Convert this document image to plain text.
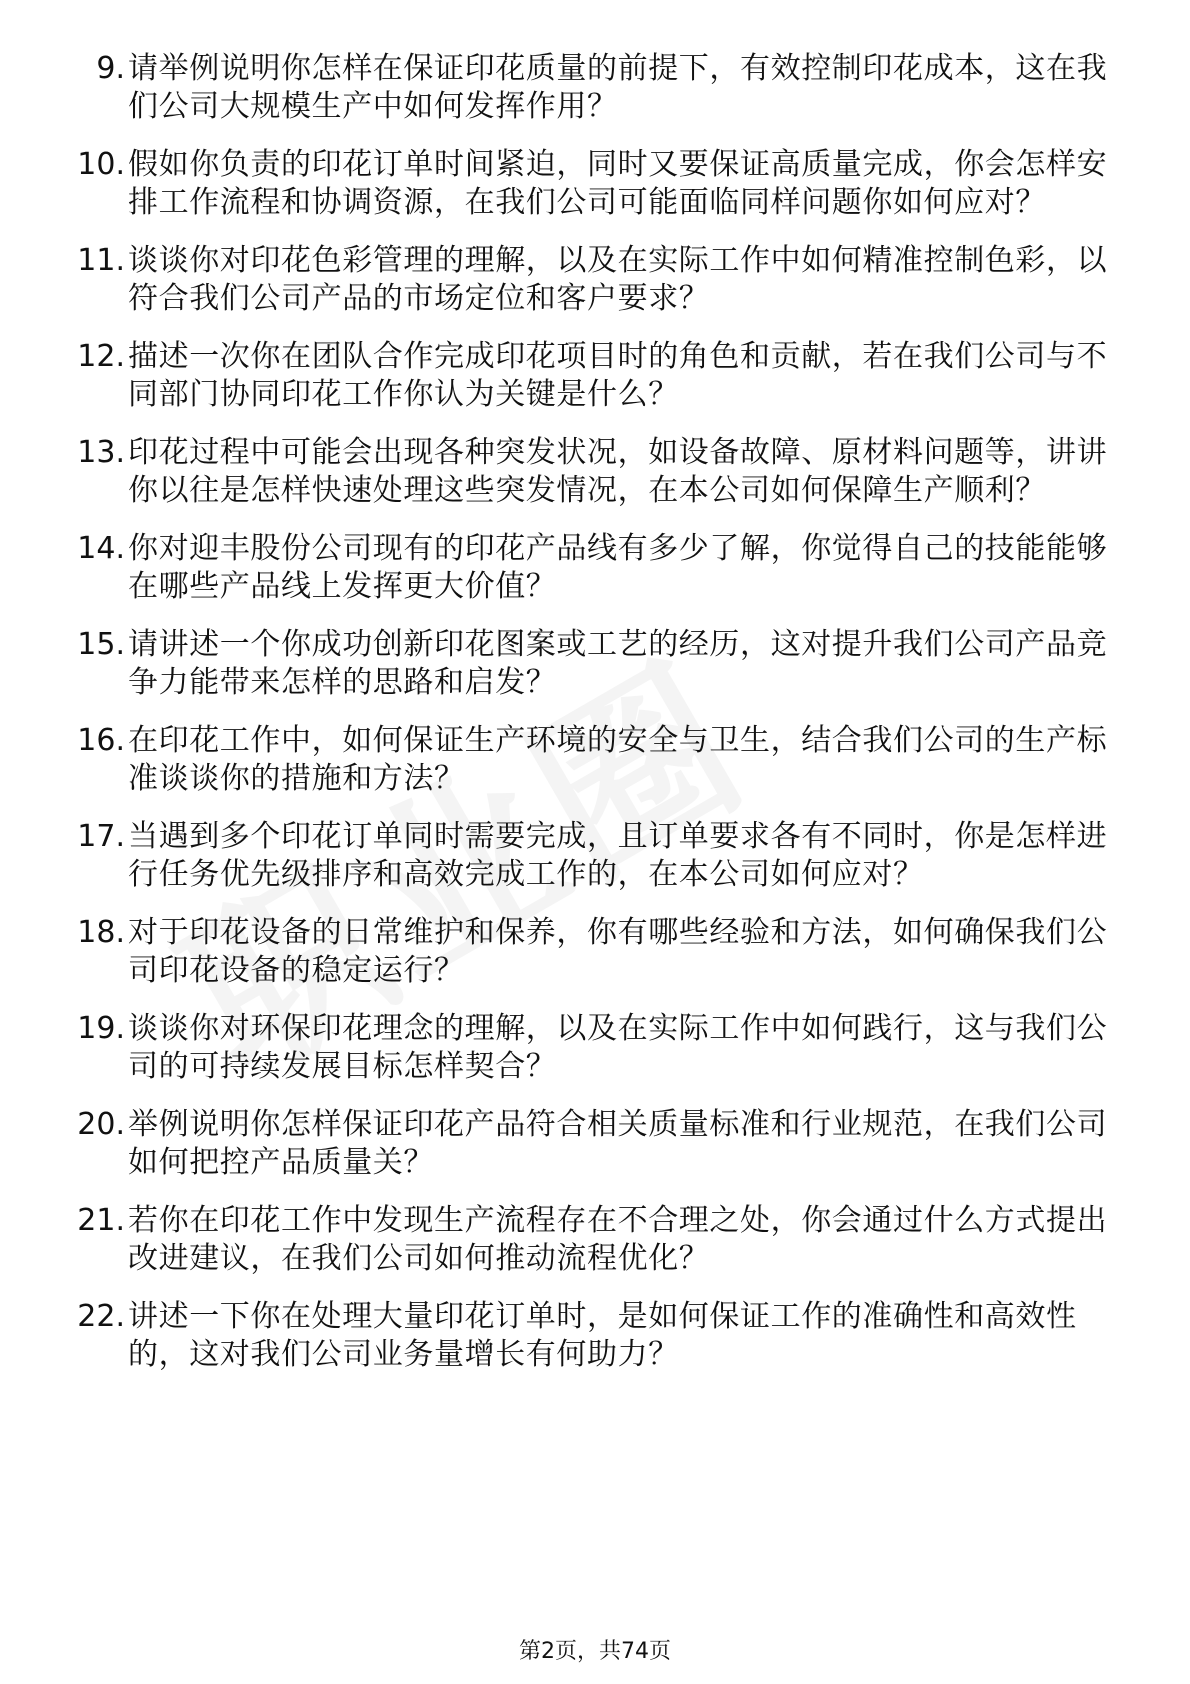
9. 请举例说明你怎样在保证印花质量的前提下，有效控制印花成本，这在我们公司大规模生产中如何发挥作用？
10. 假如你负责的印花订单时间紧迫，同时又要保证高质量完成，你会怎样安排工作流程和协调资源，在我们公司可能面临同样问题你如何应对？
11. 谈谈你对印花色彩管理的理解，以及在实际工作中如何精准控制色彩，以符合我们公司产品的市场定位和客户要求？
12. 描述一次你在团队合作完成印花项目时的角色和贡献，若在我们公司与不同部门协同印花工作你认为关键是什么？
13. 印花过程中可能会出现各种突发状况，如设备故障、原材料问题等，讲讲你以往是怎样快速处理这些突发情况，在本公司如何保障生产顺利？
14. 你对迎丰股份公司现有的印花产品线有多少了解，你觉得自己的技能能够在哪些产品线上发挥更大价值？
15. 请讲述一个你成功创新印花图案或工艺的经历，这对提升我们公司产品竞争力能带来怎样的思路和启发？
16. 在印花工作中，如何保证生产环境的安全与卫生，结合我们公司的生产标准谈谈你的措施和方法？
17. 当遇到多个印花订单同时需要完成，且订单要求各有不同时，你是怎样进行任务优先级排序和高效完成工作的，在本公司如何应对？
18. 对于印花设备的日常维护和保养，你有哪些经验和方法，如何确保我们公司印花设备的稳定运行？
19. 谈谈你对环保印花理念的理解，以及在实际工作中如何践行，这与我们公司的可持续发展目标怎样契合？
20. 举例说明你怎样保证印花产品符合相关质量标准和行业规范，在我们公司如何把控产品质量关？
21. 若你在印花工作中发现生产流程存在不合理之处，你会通过什么方式提出改进建议，在我们公司如何推动流程优化？
22. 讲述一下你在处理大量印花订单时，是如何保证工作的准确性和高效性的，这对我们公司业务量增长有何助力？
第2页，共74页
